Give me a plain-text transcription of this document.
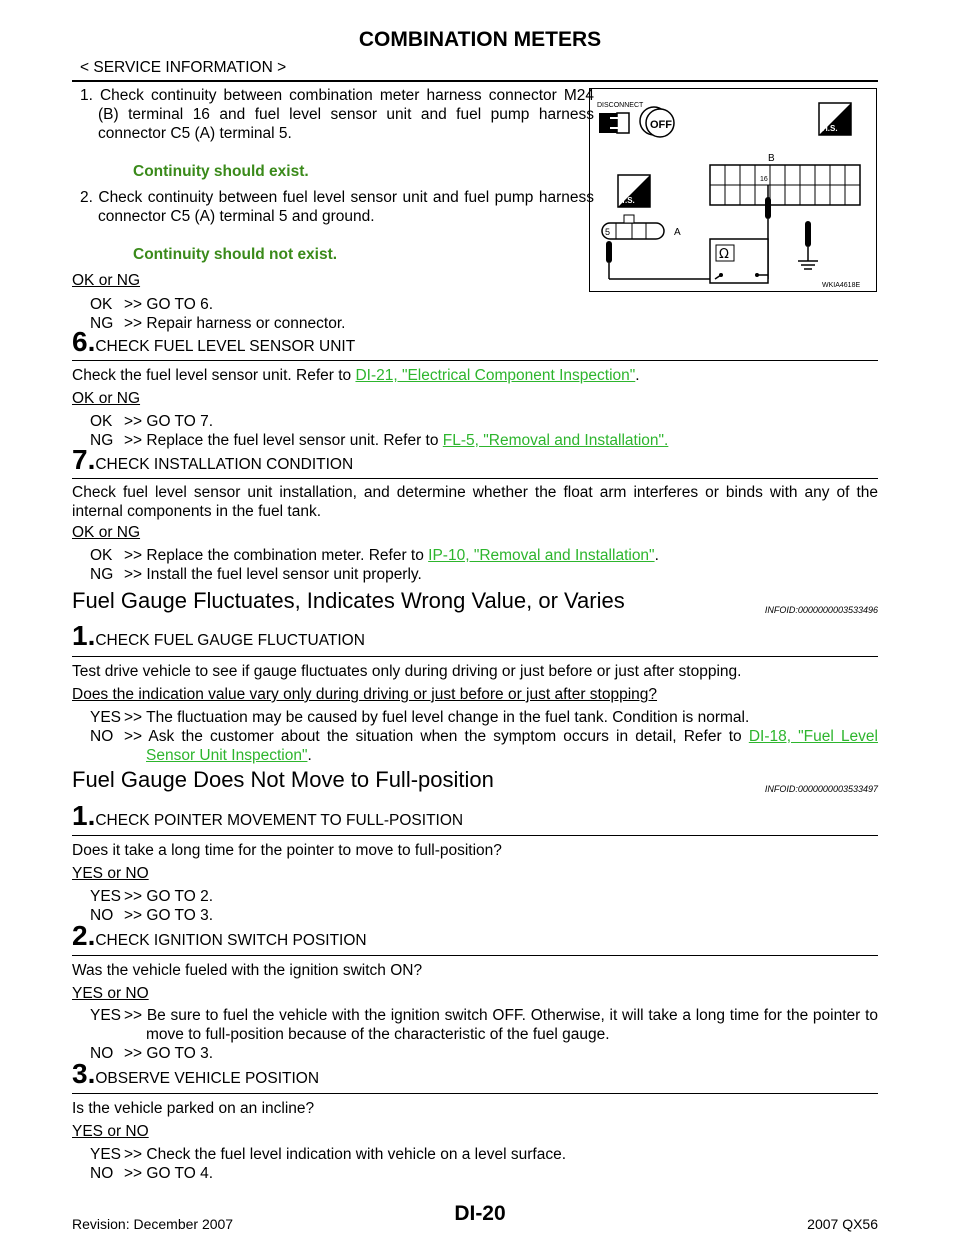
COMBINATION METERS
< SERVICE INFORMATION >
1. Check continuity between combination meter harness connector M24 (B) terminal 16 and fuel level sensor unit and fuel pump harness connector C5 (A) terminal 5.
Continuity should exist.
2. Check continuity between fuel level sensor unit and fuel pump harness connector C5 (A) terminal 5 and ground.
Continuity should not exist.
OK or NG
OK >> GO TO 6.
NG >> Repair harness or connector.
DISCONNECT
OFF	H.S.
B
16
T.S.
5	A
Ω
WKIA4618E
6.CHECK FUEL LEVEL SENSOR UNIT
Check the fuel level sensor unit. Refer to DI-21, "Electrical Component Inspection".
OK or NG
OK >> GO TO 7.
NG >> Replace the fuel level sensor unit. Refer to FL-5, "Removal and Installation".
7.CHECK INSTALLATION CONDITION
Check fuel level sensor unit installation, and determine whether the float arm interferes or binds with any of the internal components in the fuel tank.
OK or NG
OK >> Replace the combination meter. Refer to IP-10, "Removal and Installation".
NG >> Install the fuel level sensor unit properly.
Fuel Gauge Fluctuates, Indicates Wrong Value, or Varies	INFOID:0000000003533496
1.CHECK FUEL GAUGE FLUCTUATION
Test drive vehicle to see if gauge fluctuates only during driving or just before or just after stopping.
Does the indication value vary only during driving or just before or just after stopping?
YES >> The fluctuation may be caused by fuel level change in the fuel tank. Condition is normal.
NO >> Ask the customer about the situation when the symptom occurs in detail, Refer to DI-18, "Fuel Level Sensor Unit Inspection".
Fuel Gauge Does Not Move to Full-position	INFOID:0000000003533497
1.CHECK POINTER MOVEMENT TO FULL-POSITION
Does it take a long time for the pointer to move to full-position?
YES or NO
YES >> GO TO 2.
NO >> GO TO 3.
2.CHECK IGNITION SWITCH POSITION
Was the vehicle fueled with the ignition switch ON?
YES or NO
YES >> Be sure to fuel the vehicle with the ignition switch OFF. Otherwise, it will take a long time for the pointer to move to full-position because of the characteristic of the fuel gauge.
NO >> GO TO 3.
3.OBSERVE VEHICLE POSITION
Is the vehicle parked on an incline?
YES or NO
YES >> Check the fuel level indication with vehicle on a level surface.
NO >> GO TO 4.
DI-20
Revision: December 2007	2007 QX56
